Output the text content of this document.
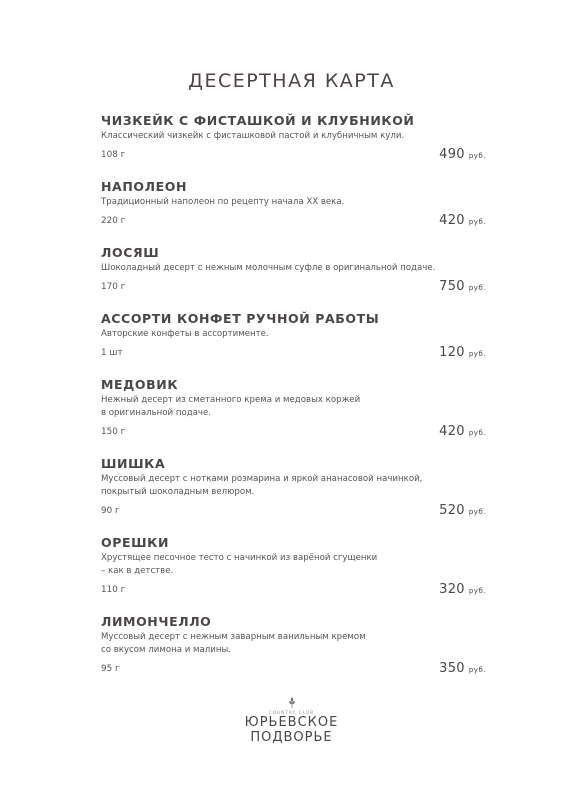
ДЕСЕРТНАЯ КАРТА
ЧИЗКЕЙК С ФИСТАШКОЙ И КЛУБНИКОЙ
Классический чизкейк с фисташковой пастой и клубничным кули.
108 г	490 руб.
НАПОЛЕОН
Традиционный наполеон по рецепту начала XX века.
220 г	420 руб.
ЛОСЯШ
Шоколадный десерт с нежным молочным суфле в оригинальной подаче.
170 г	750 руб.
АССОРТИ КОНФЕТ РУЧНОЙ РАБОТЫ
Авторские конфеты в ассортименте.
1 шт	120 руб.
МЕДОВИК
Нежный десерт из сметанного крема и медовых коржей
в оригинальной подаче.
150 г	420 руб.
ШИШКА
Муссовый десерт с нотками розмарина и яркой ананасовой начинкой,
покрытый шоколадным велюром.
90 г	520 руб.
ОРЕШКИ
Хрустящее песочное тесто с начинкой из варёной сгущенки
– как в детстве.
110 г	320 руб.
ЛИМОНЧЕЛЛО
Муссовый десерт с нежным заварным ванильным кремом
со вкусом лимона и малины.
95 г	350 руб.
COUNTRY CLUB
ЮРЬЕВСКОЕ
ПОДВОРЬЕ
